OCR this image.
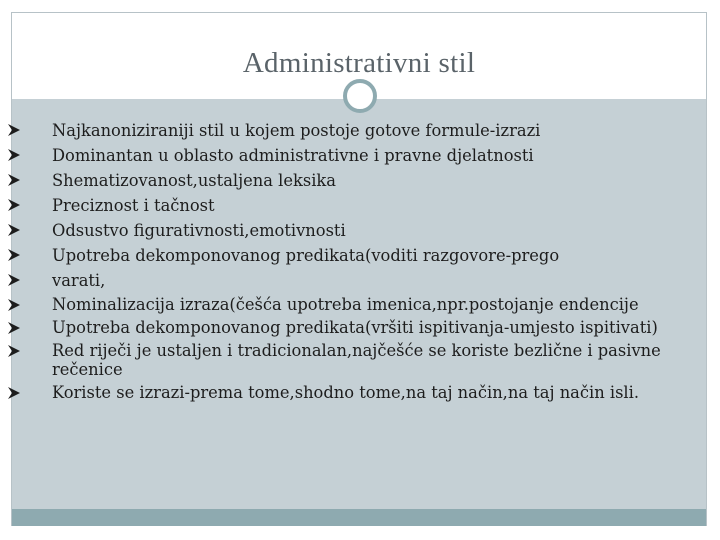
Administrativni stil
Najkanoniziraniji stil u kojem postoje gotove formule-izrazi
Dominantan u oblasto administrativne i pravne djelatnosti
Shematizovanost,ustaljena leksika
Preciznost i tačnost
Odsustvo figurativnosti,emotivnosti
Upotreba dekomponovanog predikata(voditi razgovore-prego
varati,
Nominalizacija izraza(češća upotreba imenica,npr.postojanje endencije
Upotreba dekomponovanog predikata(vršiti ispitivanja-umjesto ispitivati)
Red riječi je ustaljen i tradicionalan,najčešće se koriste bezlične i pasivne rečenice
Koriste se izrazi-prema tome,shodno tome,na taj način,na taj način isli.
